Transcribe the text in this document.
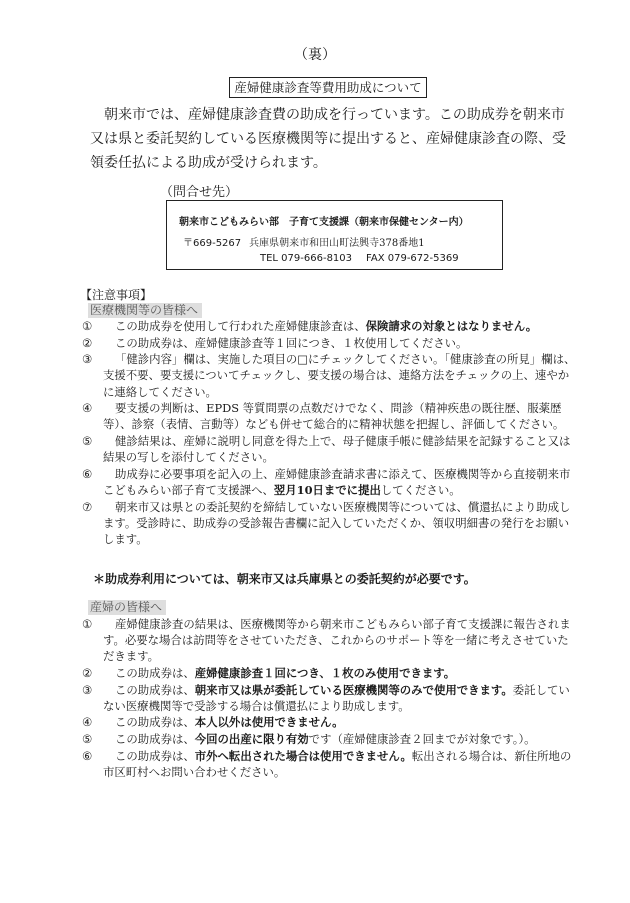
（裏）
産婦健康診査等費用助成について

朝来市では、産婦健康診査費の助成を行っています。この助成券を朝来市又は県と委託契約している医療機関等に提出すると、産婦健康診査の際、受領委任払による助成が受けられます。

（問合せ先）
朝来市こどもみらい部　子育て支援課（朝来市保健センター内）
〒669-5267 兵庫県朝来市和田山町法興寺378番地1
TEL 079-666-8103 FAX 079-672-5369
【注意事項】
医療機関等の皆様へ
①	この助成券を使用して行われた産婦健康診査は、保険請求の対象とはなりません。
②	この助成券は、産婦健康診査等１回につき、１枚使用してください。
③	「健診内容」欄は、実施した項目の□にチェックしてください。「健康診査の所見」欄は、支援不要、要支援についてチェックし、要支援の場合は、連絡方法をチェックの上、速やかに連絡してください。
④	要支援の判断は、EPDS 等質問票の点数だけでなく、問診（精神疾患の既往歴、服薬歴等）、診察（表情、言動等）なども併せて総合的に精神状態を把握し、評価してください。
⑤	健診結果は、産婦に説明し同意を得た上で、母子健康手帳に健診結果を記録すること又は結果の写しを添付してください。
⑥	助成券に必要事項を記入の上、産婦健康診査請求書に添えて、医療機関等から直接朝来市こどもみらい部子育て支援課へ、翌月10日までに提出してください。
⑦	朝来市又は県との委託契約を締結していない医療機関等については、償還払により助成します。受診時に、助成券の受診報告書欄に記入していただくか、領収明細書の発行をお願いします。
＊助成券利用については、朝来市又は兵庫県との委託契約が必要です。
産婦の皆様へ
①	産婦健康診査の結果は、医療機関等から朝来市こどもみらい部子育て支援課に報告されます。必要な場合は訪問等をさせていただき、これからのサポート等を一緒に考えさせていただきます。
②	この助成券は、産婦健康診査１回につき、１枚のみ使用できます。
③	この助成券は、朝来市又は県が委託している医療機関等のみで使用できます。委託していない医療機関等で受診する場合は償還払により助成します。
④	この助成券は、本人以外は使用できません。
⑤	この助成券は、今回の出産に限り有効です（産婦健康診査２回までが対象です。）。
⑥	この助成券は、市外へ転出された場合は使用できません。転出される場合は、新住所地の市区町村へお問い合わせください。
